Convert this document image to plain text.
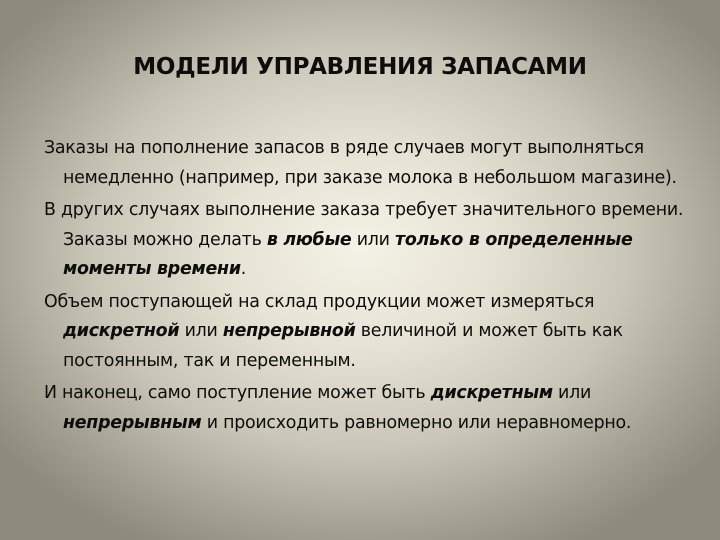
МОДЕЛИ УПРАВЛЕНИЯ ЗАПАСАМИ

Заказы на пополнение запасов в ряде случаев могут выполняться немедленно (например, при заказе молока в небольшом магазине).

В других случаях выполнение заказа требует значительного времени. Заказы можно делать в любые или только в определенные моменты времени.

Объем поступающей на склад продукции может измеряться дискретной или непрерывной величиной и может быть как постоянным, так и переменным.

И наконец, само поступление может быть дискретным или непрерывным и происходить равномерно или неравномерно.
